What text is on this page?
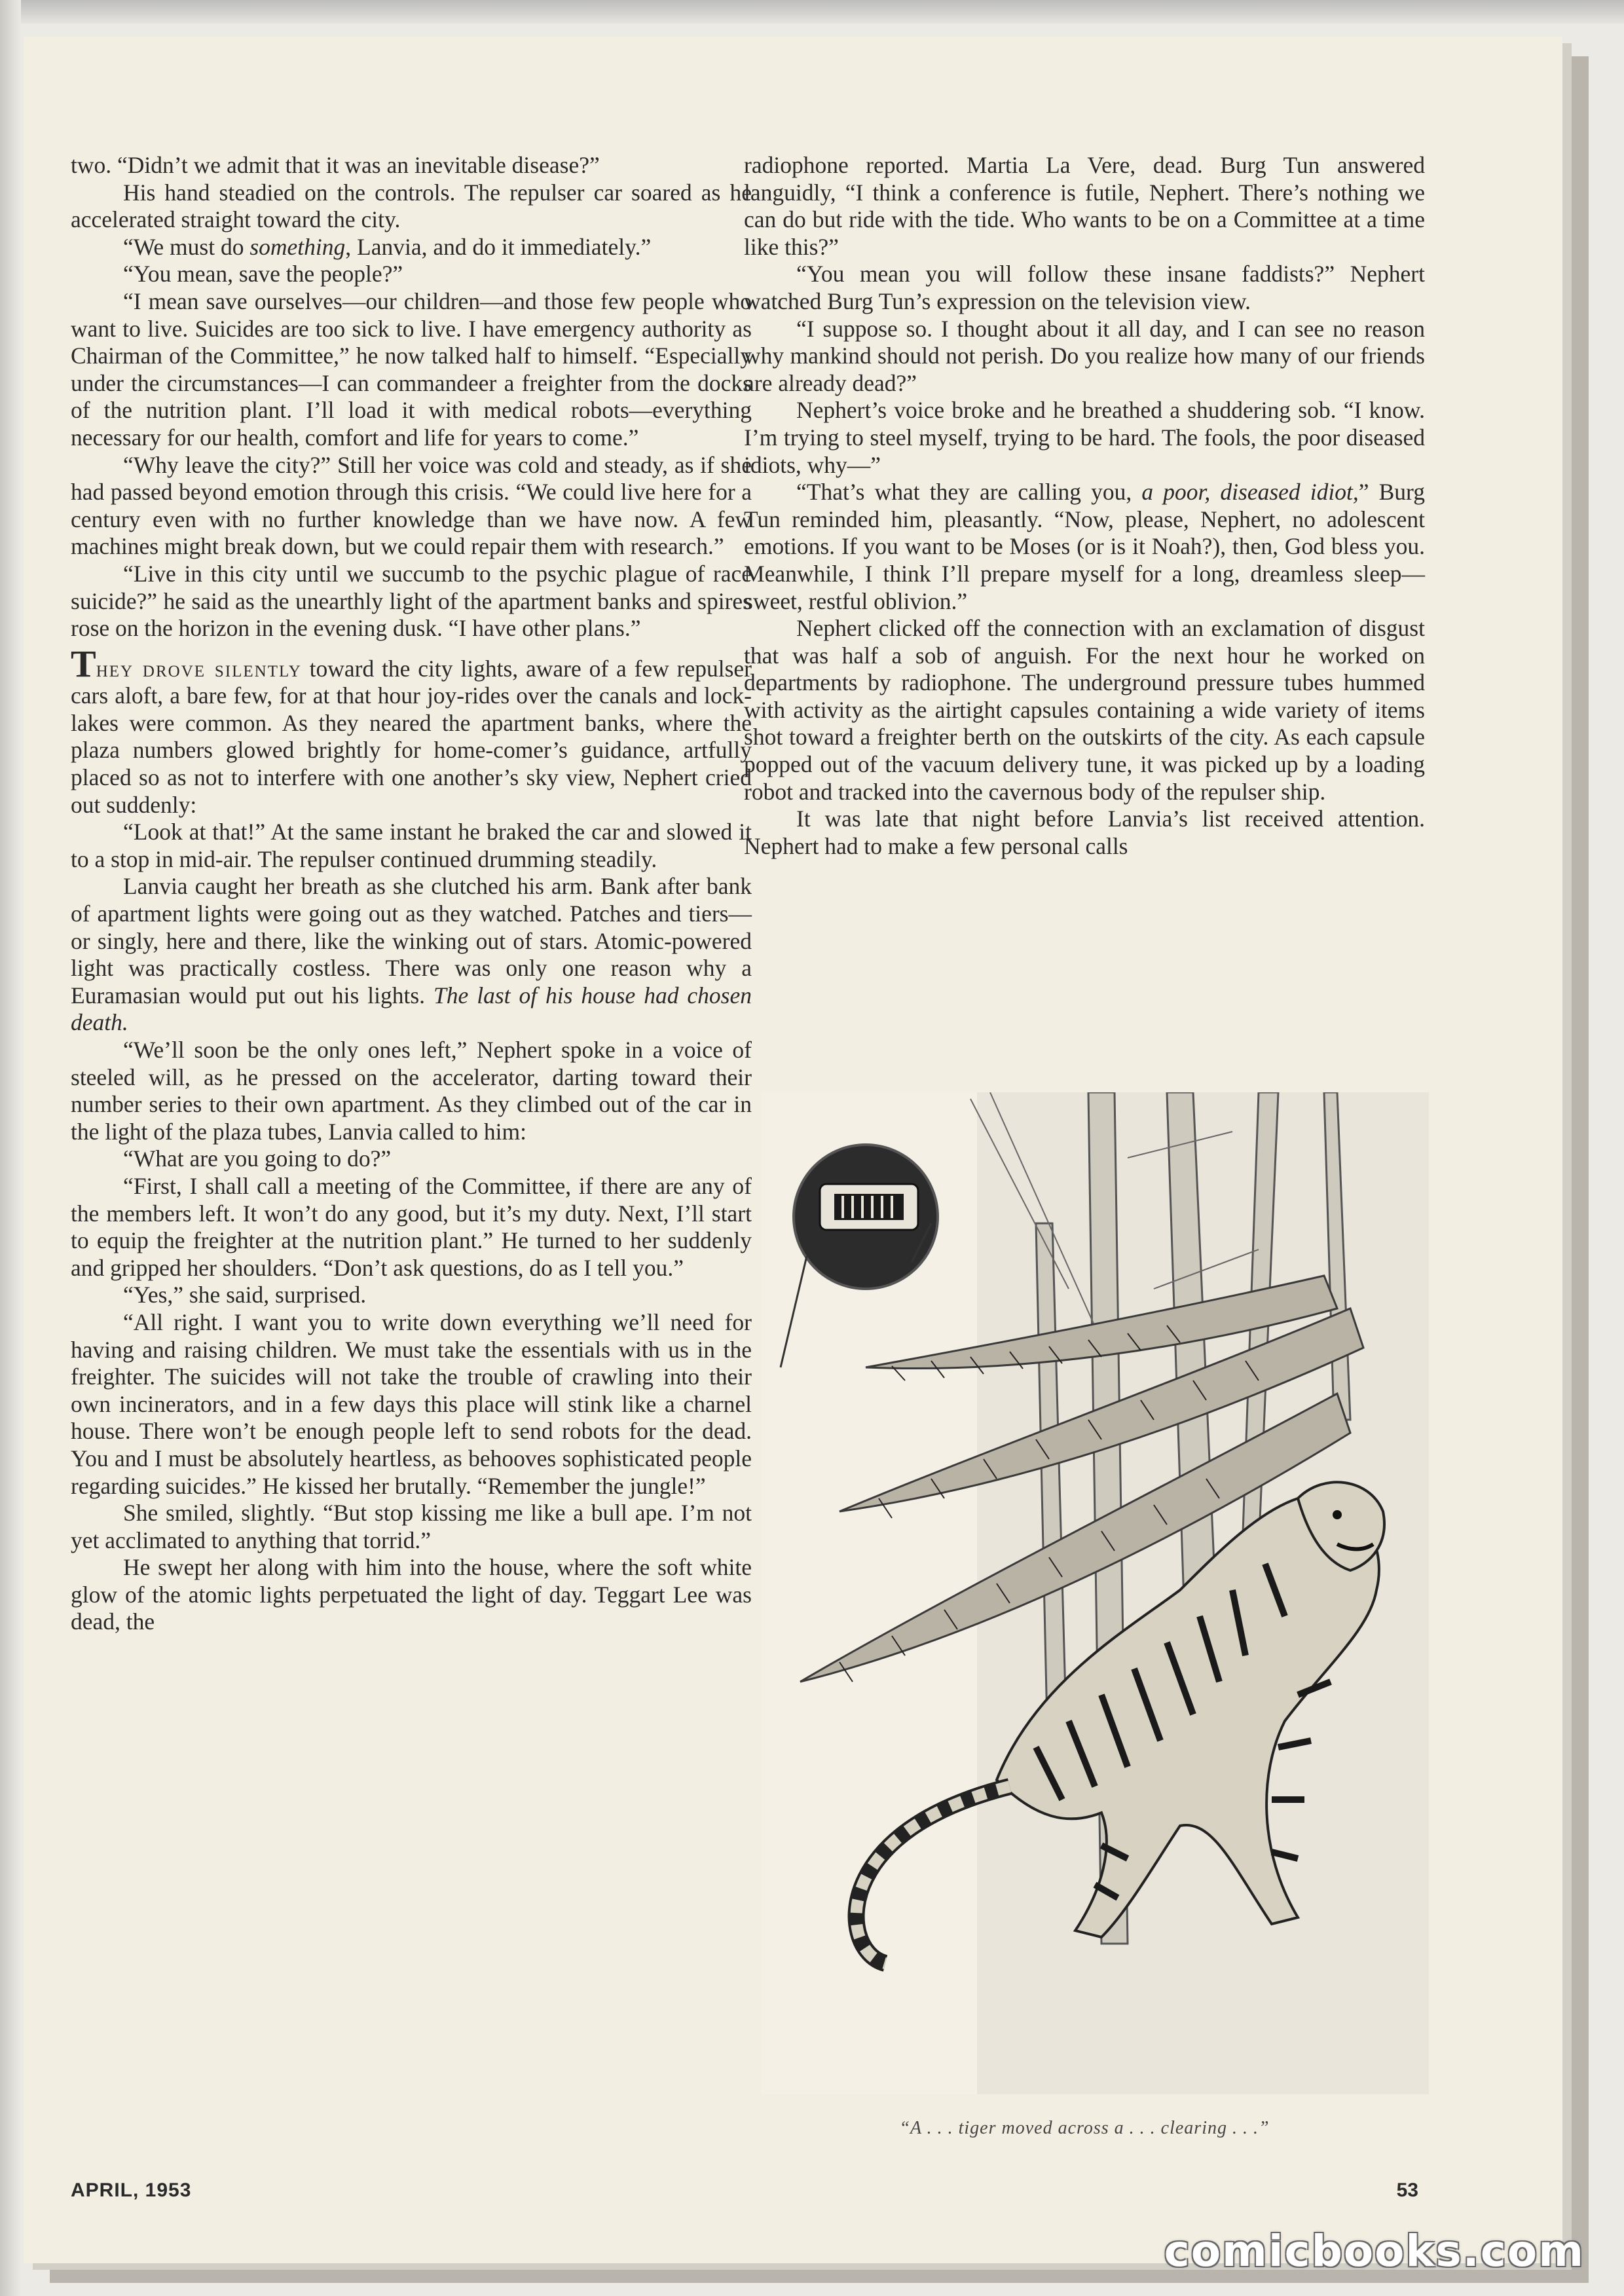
two. “Didn’t we admit that it was an inevitable disease?”

His hand steadied on the controls. The repulser car soared as he accelerated straight toward the city.

“We must do something, Lanvia, and do it immediately.”

“You mean, save the people?”

“I mean save ourselves—our children—and those few people who want to live. Suicides are too sick to live. I have emergency authority as Chairman of the Committee,” he now talked half to himself. “Especially under the circumstances—I can commandeer a freighter from the docks of the nutrition plant. I’ll load it with medical robots—everything necessary for our health, comfort and life for years to come.”

“Why leave the city?” Still her voice was cold and steady, as if she had passed beyond emotion through this crisis. “We could live here for a century even with no further knowledge than we have now. A few machines might break down, but we could repair them with research.”

“Live in this city until we succumb to the psychic plague of race suicide?” he said as the unearthly light of the apartment banks and spires rose on the horizon in the evening dusk. “I have other plans.”

They drove silently toward the city lights, aware of a few repulser cars aloft, a bare few, for at that hour joy-rides over the canals and lock-lakes were common. As they neared the apartment banks, where the plaza numbers glowed brightly for home-comer’s guidance, artfully placed so as not to interfere with one another’s sky view, Nephert cried out suddenly:

“Look at that!” At the same instant he braked the car and slowed it to a stop in mid-air. The repulser continued drumming steadily.

Lanvia caught her breath as she clutched his arm. Bank after bank of apartment lights were going out as they watched. Patches and tiers—or singly, here and there, like the winking out of stars. Atomic-powered light was practically costless. There was only one reason why a Euramasian would put out his lights. The last of his house had chosen death.

“We’ll soon be the only ones left,” Nephert spoke in a voice of steeled will, as he pressed on the accelerator, darting toward their number series to their own apartment. As they climbed out of the car in the light of the plaza tubes, Lanvia called to him:

“What are you going to do?”

“First, I shall call a meeting of the Committee, if there are any of the members left. It won’t do any good, but it’s my duty. Next, I’ll start to equip the freighter at the nutrition plant.” He turned to her suddenly and gripped her shoulders. “Don’t ask questions, do as I tell you.”

“Yes,” she said, surprised.

“All right. I want you to write down everything we’ll need for having and raising children. We must take the essentials with us in the freighter. The suicides will not take the trouble of crawling into their own incinerators, and in a few days this place will stink like a charnel house. There won’t be enough people left to send robots for the dead. You and I must be absolutely heartless, as behooves sophisticated people regarding suicides.” He kissed her brutally. “Remember the jungle!”

She smiled, slightly. “But stop kissing me like a bull ape. I’m not yet acclimated to anything that torrid.”

He swept her along with him into the house, where the soft white glow of the atomic lights perpetuated the light of day. Teggart Lee was dead, the

radiophone reported. Martia La Vere, dead. Burg Tun answered languidly, “I think a conference is futile, Nephert. There’s nothing we can do but ride with the tide. Who wants to be on a Committee at a time like this?”

“You mean you will follow these insane faddists?” Nephert watched Burg Tun’s expression on the television view.

“I suppose so. I thought about it all day, and I can see no reason why mankind should not perish. Do you realize how many of our friends are already dead?”

Nephert’s voice broke and he breathed a shuddering sob. “I know. I’m trying to steel myself, trying to be hard. The fools, the poor diseased idiots, why—”

“That’s what they are calling you, a poor, diseased idiot,” Burg Tun reminded him, pleasantly. “Now, please, Nephert, no adolescent emotions. If you want to be Moses (or is it Noah?), then, God bless you. Meanwhile, I think I’ll prepare myself for a long, dreamless sleep—sweet, restful oblivion.”

Nephert clicked off the connection with an exclamation of disgust that was half a sob of anguish. For the next hour he worked on departments by radiophone. The underground pressure tubes hummed with activity as the airtight capsules containing a wide variety of items shot toward a freighter berth on the outskirts of the city. As each capsule popped out of the vacuum delivery tune, it was picked up by a loading robot and tracked into the cavernous body of the repulser ship.

It was late that night before Lanvia’s list received attention. Nephert had to make a few personal calls

“A . . . tiger moved across a . . . clearing . . .”
APRIL, 1953	53
comicbooks.com
